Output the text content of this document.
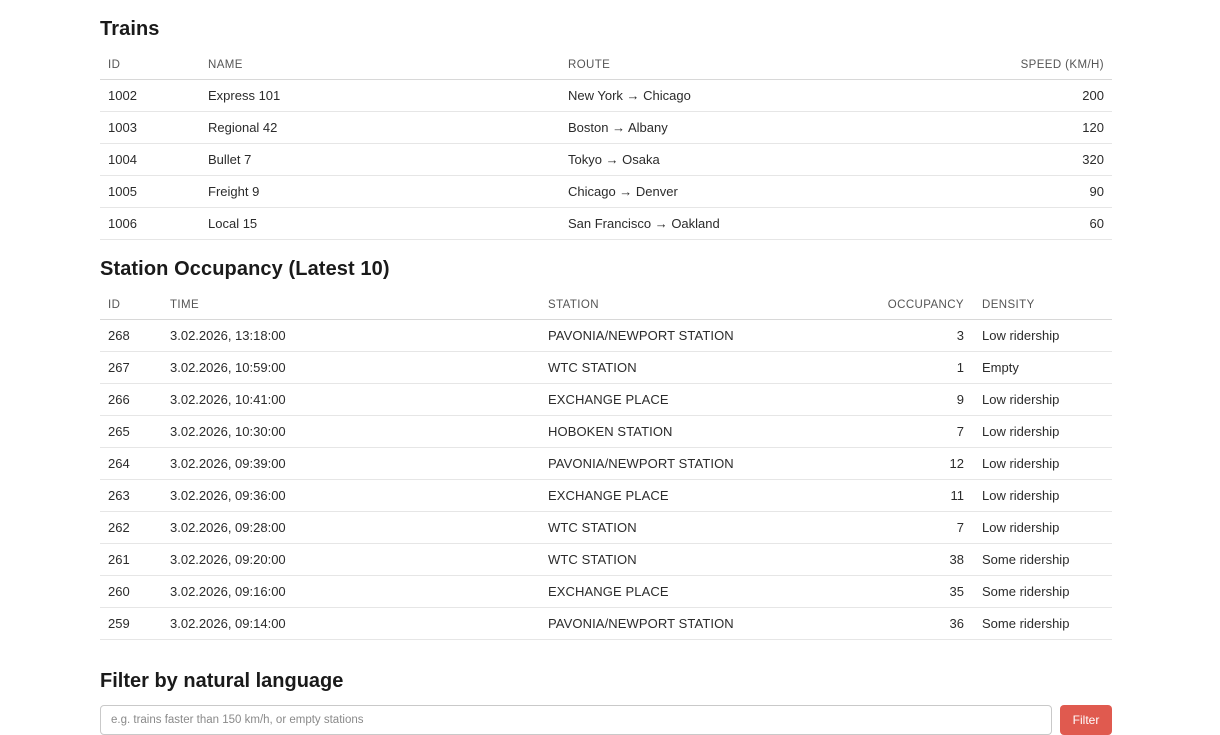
Trains
ID	NAME	ROUTE	SPEED (KM/H)
1002	Express 101	New York → Chicago	200
1003	Regional 42	Boston → Albany	120
1004	Bullet 7	Tokyo → Osaka	320
1005	Freight 9	Chicago → Denver	90
1006	Local 15	San Francisco → Oakland	60
Station Occupancy (Latest 10)
ID	TIME	STATION	OCCUPANCY	DENSITY
268	3.02.2026, 13:18:00	PAVONIA/NEWPORT STATION	3	Low ridership
267	3.02.2026, 10:59:00	WTC STATION	1	Empty
266	3.02.2026, 10:41:00	EXCHANGE PLACE	9	Low ridership
265	3.02.2026, 10:30:00	HOBOKEN STATION	7	Low ridership
264	3.02.2026, 09:39:00	PAVONIA/NEWPORT STATION	12	Low ridership
263	3.02.2026, 09:36:00	EXCHANGE PLACE	11	Low ridership
262	3.02.2026, 09:28:00	WTC STATION	7	Low ridership
261	3.02.2026, 09:20:00	WTC STATION	38	Some ridership
260	3.02.2026, 09:16:00	EXCHANGE PLACE	35	Some ridership
259	3.02.2026, 09:14:00	PAVONIA/NEWPORT STATION	36	Some ridership
Filter by natural language
e.g. trains faster than 150 km/h, or empty stations
Filter
